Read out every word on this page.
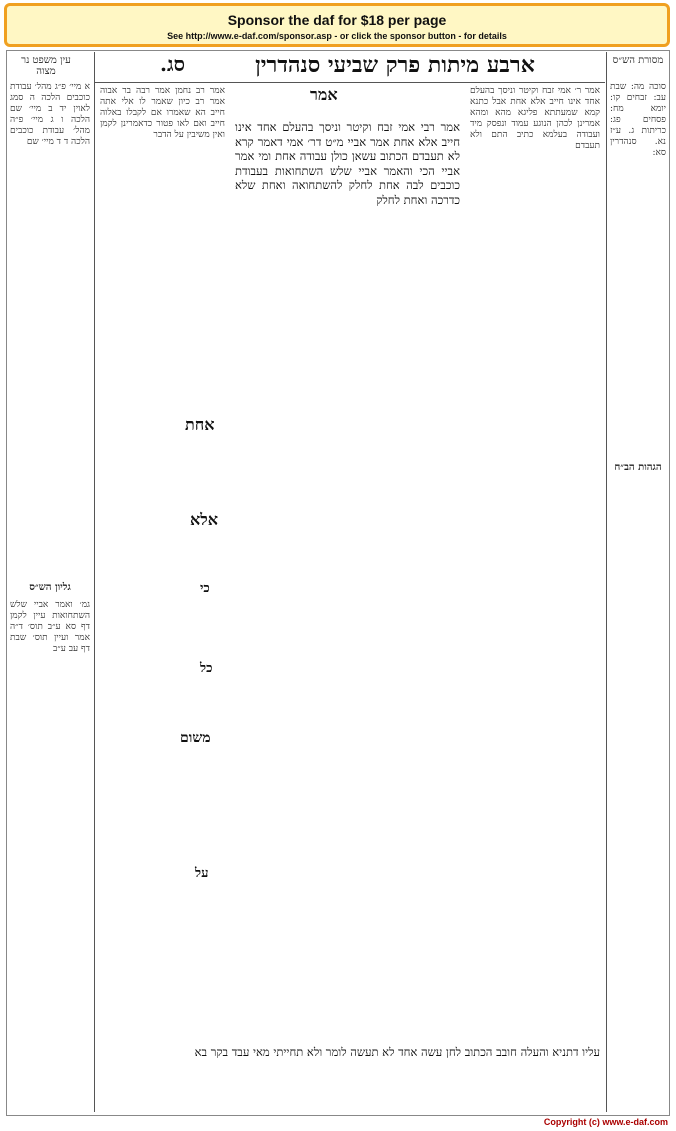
Sponsor the daf for $18 per page
See http://www.e-daf.com/sponsor.asp - or click the sponsor button - for details
ארבע מיתות פרק שביעי סנהדרין
סג.
עין משפט נר מצוה
מסורת הש״ס
א מיי׳ פ״ג מהל׳ עבודת כוכבים הלכה ה סמג לאוין יד ב מיי׳ שם הלכה ו ג מיי׳ פ״ה מהל׳ עבודת כוכבים הלכה ד ד מיי׳ שם
גליון הש״ס
גמ׳ ואמר אביי שלש השתחואות עיין לקמן דף סא ע״ב תוס׳ ד״ה אמר ועיין תוס׳ שבת דף עב ע״ב
סוכה מה: שבת עב: זבחים קו: יומא מח: פסחים פג: כריתות ג. ע״ז נא. סנהדרין סא:
הגהות הב״ח
אמר ר׳ אמי זבח וקיטר וניסך בהעלם אחד אינו חייב אלא אחת אבל כתנא קמא שמעתתא פליגא מהא ומהא אמרינן לכהן הנוגע עמוד ונפסק מיד ועבודה בעלמא כתיב התם ולא תעבדם
אמר
אמר רבי אמי זבח וקיטר וניסך בהעלם אחד אינו חייב אלא אחת אמר אביי מ״ט דר׳ אמי דאמר קרא לא תעבדם הכתוב עשאן כולן עבודה אחת ומי אמר אביי הכי והאמר אביי שלש השתחואות בעבודת כוכבים לבה אחת לחלק להשתחואה ואחת שלא כדרכה ואחת לחלק
עליו דתניא והעלה חובב הכתוב לחן עשה אחד לא תעשה לומר ולא תחייתי מאי עבד בקר בא
אחת
אלא
כי
כל
משום
על
אמר רב נחמן אמר רבה בר אבוה אמר רב כיון שאמר לו אלי אתה חייב הא שאמרו אם לקבלו באלוה חייב ואם לאו פטור כדאמרינן לקמן ואין משיבין על הדבר
Copyright (c) www.e-daf.com
